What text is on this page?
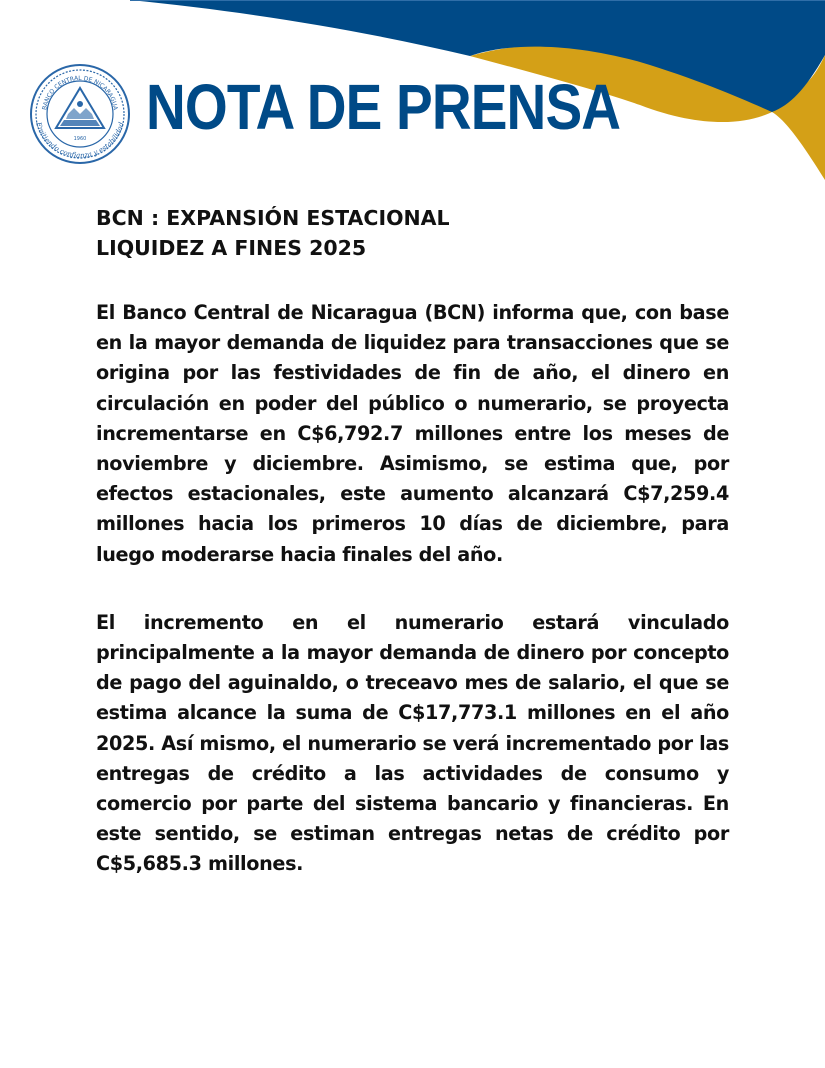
1960
BANCO CENTRAL DE NICARAGUA
Emitiendo confianza y estabilidad NOTA DE PRENSA
BCN : EXPANSIÓN ESTACIONAL
LIQUIDEZ A FINES 2025

El Banco Central de Nicaragua (BCN) informa que, con base en la mayor demanda de liquidez para transacciones que se origina por las festividades de fin de año, el dinero en circulación en poder del público o numerario, se proyecta incrementarse en C$6,792.7 millones entre los meses de noviembre y diciembre. Asimismo, se estima que, por efectos estacionales, este aumento alcanzará C$7,259.4 millones hacia los primeros 10 días de diciembre, para luego moderarse hacia finales del año.

El incremento en el numerario estará vinculado principalmente a la mayor demanda de dinero por concepto de pago del aguinaldo, o treceavo mes de salario, el que se estima alcance la suma de C$17,773.1 millones en el año 2025. Así mismo, el numerario se verá incrementado por las entregas de crédito a las actividades de consumo y comercio por parte del sistema bancario y financieras. En este sentido, se estiman entregas netas de crédito por C$5,685.3 millones.
